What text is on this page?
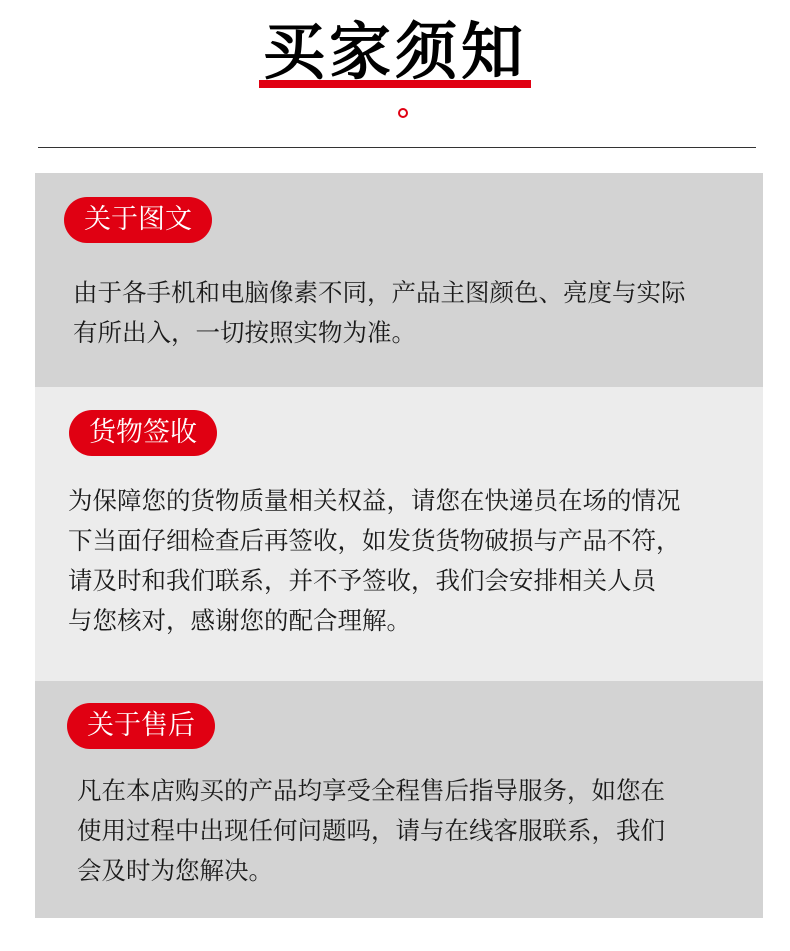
买家须知
关于图文
由于各手机和电脑像素不同，产品主图颜色、亮度与实际
有所出入，一切按照实物为准。
货物签收
为保障您的货物质量相关权益，请您在快递员在场的情况
下当面仔细检查后再签收，如发货货物破损与产品不符，
请及时和我们联系，并不予签收，我们会安排相关人员
与您核对，感谢您的配合理解。
关于售后
凡在本店购买的产品均享受全程售后指导服务，如您在
使用过程中出现任何问题吗，请与在线客服联系，我们
会及时为您解决。
